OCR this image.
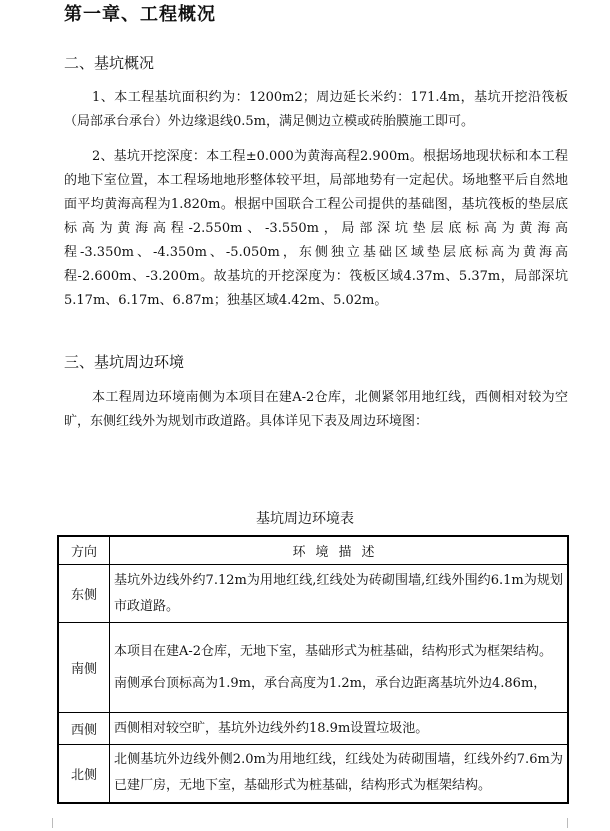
第一章、工程概况
二、基坑概况
1、本工程基坑面积约为：1200m2；周边延长米约：171.4m，基坑开挖沿筏板（局部承台承台）外边缘退线0.5m，满足侧边立模或砖胎膜施工即可。
2、基坑开挖深度：本工程±0.000为黄海高程2.900m。根据场地现状标和本工程的地下室位置，本工程场地地形整体较平坦，局部地势有一定起伏。场地整平后自然地面平均黄海高程为1.820m。根据中国联合工程公司提供的基础图，基坑筏板的垫层底标高为黄海高程-2.550m、-3.550m，局部深坑垫层底标高为黄海高程-3.350m、-4.350m、-5.050m，东侧独立基础区域垫层底标高为黄海高程-2.600m、-3.200m。故基坑的开挖深度为：筏板区域4.37m、5.37m，局部深坑5.17m、6.17m、6.87m；独基区域4.42m、5.02m。
三、基坑周边环境
本工程周边环境南侧为本项目在建A-2仓库，北侧紧邻用地红线，西侧相对较为空旷，东侧红线外为规划市政道路。具体详见下表及周边环境图：
基坑周边环境表
方向	环境描述
东侧	基坑外边线外约7.12m为用地红线,红线处为砖砌围墙,红线外围约6.1m为规划市政道路。

南侧	本项目在建A-2仓库，无地下室，基础形式为桩基础，结构形式为框架结构。
南侧承台顶标高为1.9m，承台高度为1.2m，承台边距离基坑外边4.86m，

西侧	西侧相对较空旷，基坑外边线外约18.9m设置垃圾池。

北侧	北侧基坑外边线外侧2.0m为用地红线，红线处为砖砌围墙，红线外约7.6m为已建厂房，无地下室，基础形式为桩基础，结构形式为框架结构。
